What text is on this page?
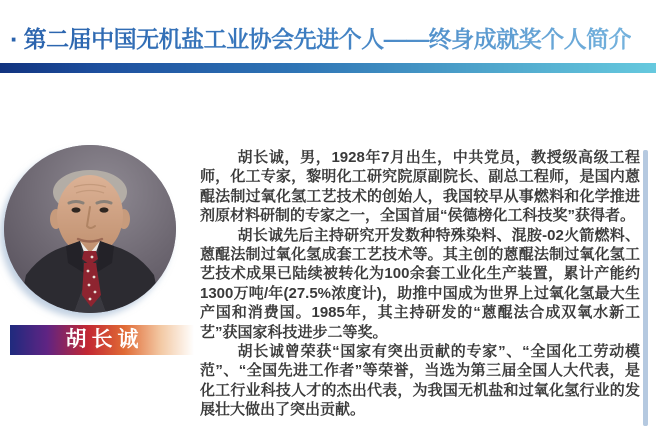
· 第二届中国无机盐工业协会先进个人——终身成就奖个人简介
胡长诚

胡长诚，男，1928年7月出生，中共党员，教授级高级工程师，化工专家，黎明化工研究院原副院长、副总工程师，是国内蒽醌法制过氧化氢工艺技术的创始人，我国较早从事燃料和化学推进剂原材料研制的专家之一，全国首届“侯德榜化工科技奖”获得者。

胡长诚先后主持研究开发数种特殊染料、混胺-02火箭燃料、蒽醌法制过氧化氢成套工艺技术等。其主创的蒽醌法制过氧化氢工艺技术成果已陆续被转化为100余套工业化生产装置，累计产能约1300万吨/年(27.5%浓度计)，助推中国成为世界上过氧化氢最大生产国和消费国。1985年，其主持研发的“蒽醌法合成双氧水新工艺”获国家科技进步二等奖。

胡长诚曾荣获“国家有突出贡献的专家”、“全国化工劳动模范”、“全国先进工作者”等荣誉，当选为第三届全国人大代表，是化工行业科技人才的杰出代表，为我国无机盐和过氧化氢行业的发展壮大做出了突出贡献。
